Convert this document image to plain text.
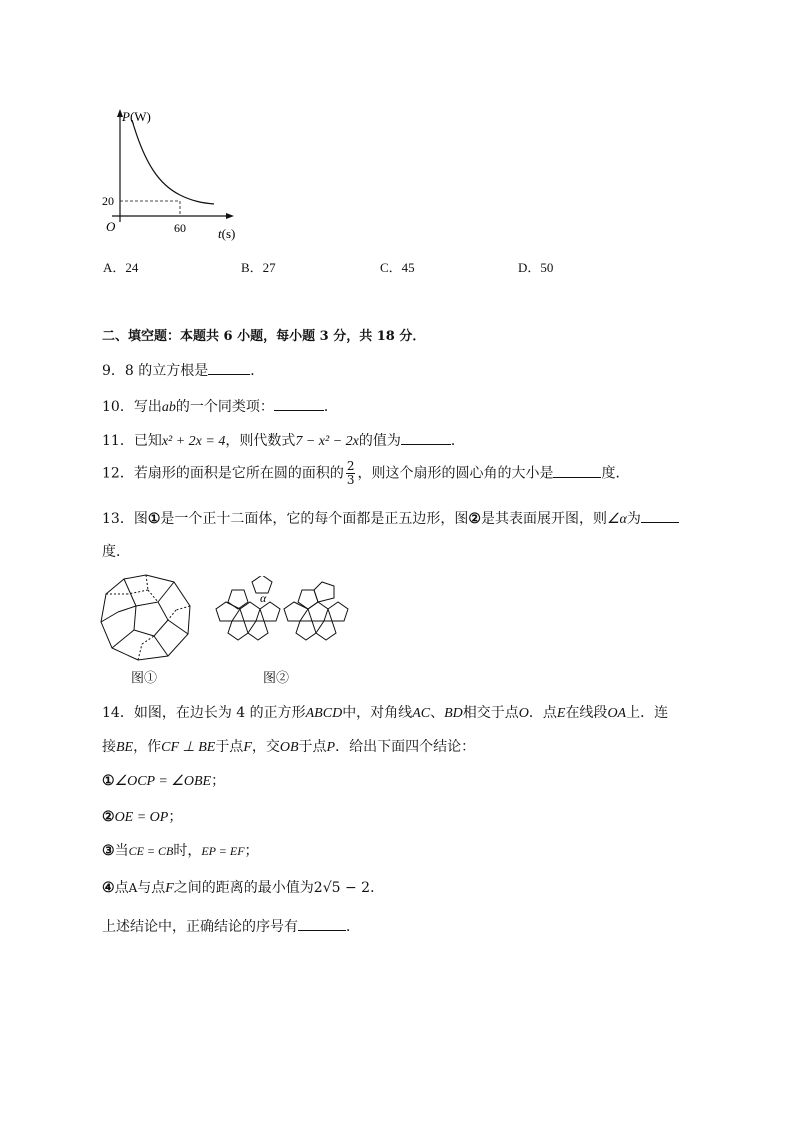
P(W)
t(s)
O
20
60
A．24	B．27	C．45	D．50
二、填空题：本题共 6 小题，每小题 3 分，共 18 分．
9．8 的立方根是	．
10．写出ab的一个同类项：	．
11．已知x² + 2x = 4，则代数式7 − x² − 2x的值为	．
12．若扇形的面积是它所在圆的面积的 $\frac{2}{3}$ ，则这个扇形的圆心角的大小是	度．
13．图①是一个正十二面体，它的每个面都是正五边形，图②是其表面展开图，则∠α为
度．
图①
α
图②
14．如图，在边长为 4 的正方形ABCD中，对角线AC、BD相交于点O．点E在线段OA上．连
接BE，作CF ⊥ BE于点F，交OB于点P．给出下面四个结论：
①∠OCP = ∠OBE；
②OE = OP；
③当CE = CB时，EP = EF；
④点A与点F之间的距离的最小值为2√5 − 2．
上述结论中，正确结论的序号有	．
